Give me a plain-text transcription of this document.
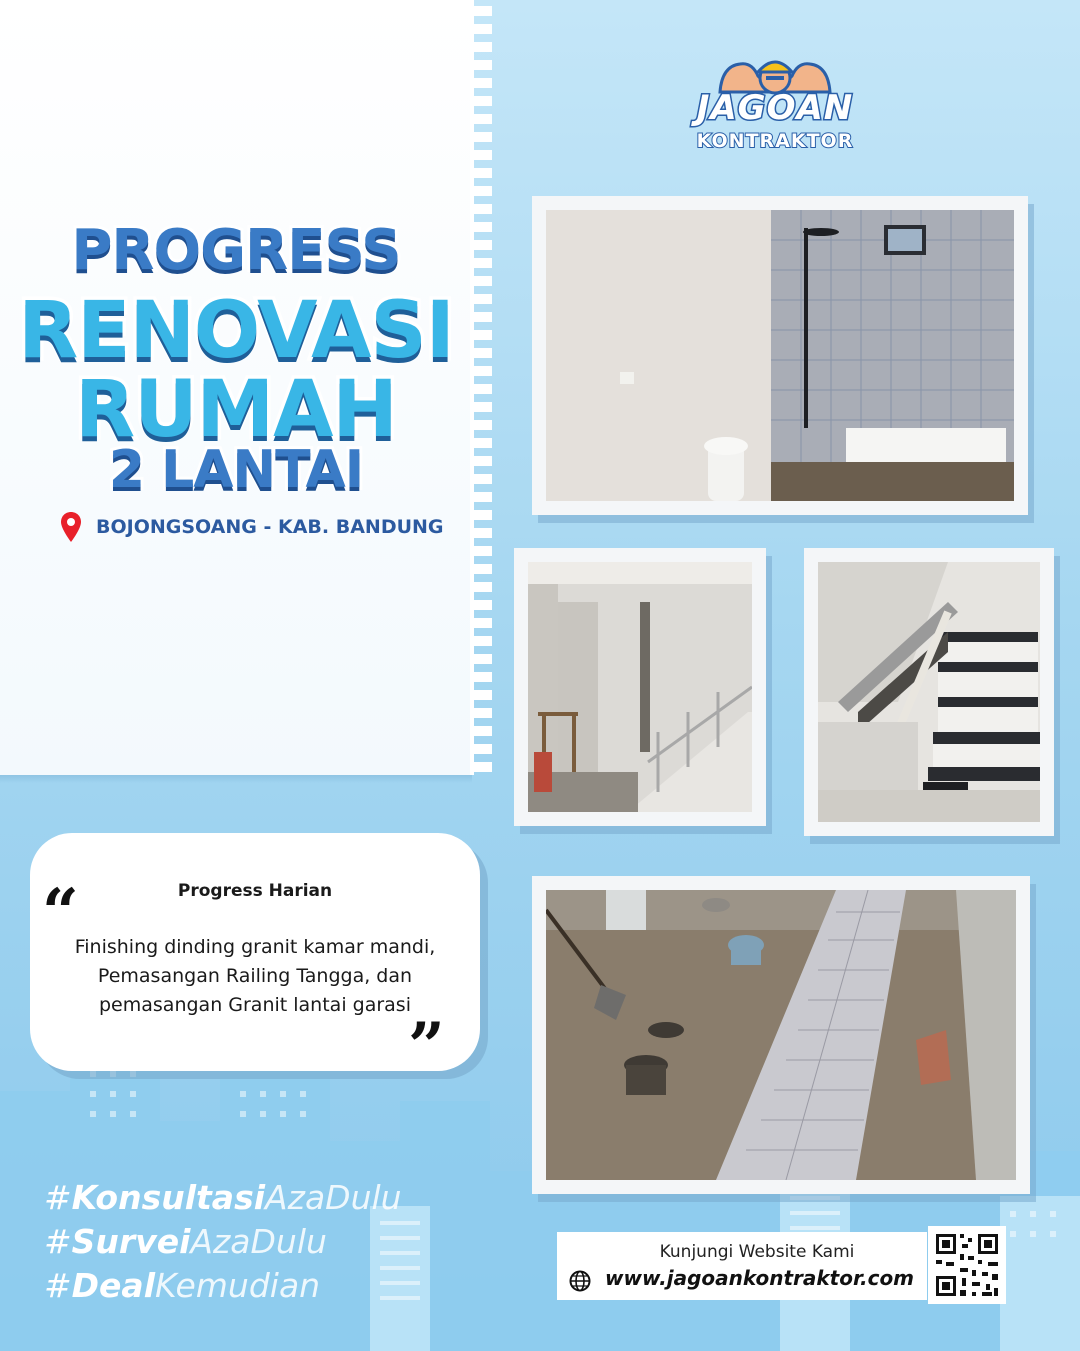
JAGOAN
KONTRAKTOR
PROGRESS
RENOVASI
RUMAH
2 LANTAI
BOJONGSOANG - KAB. BANDUNG
“	Progress Harian
Finishing dinding granit kamar mandi, Pemasangan Railing Tangga, dan pemasangan Granit lantai garasi
”
#KonsultasiAzaDulu
#SurveiAzaDulu
#DealKemudian
Kunjungi Website Kami
www.jagoankontraktor.com
